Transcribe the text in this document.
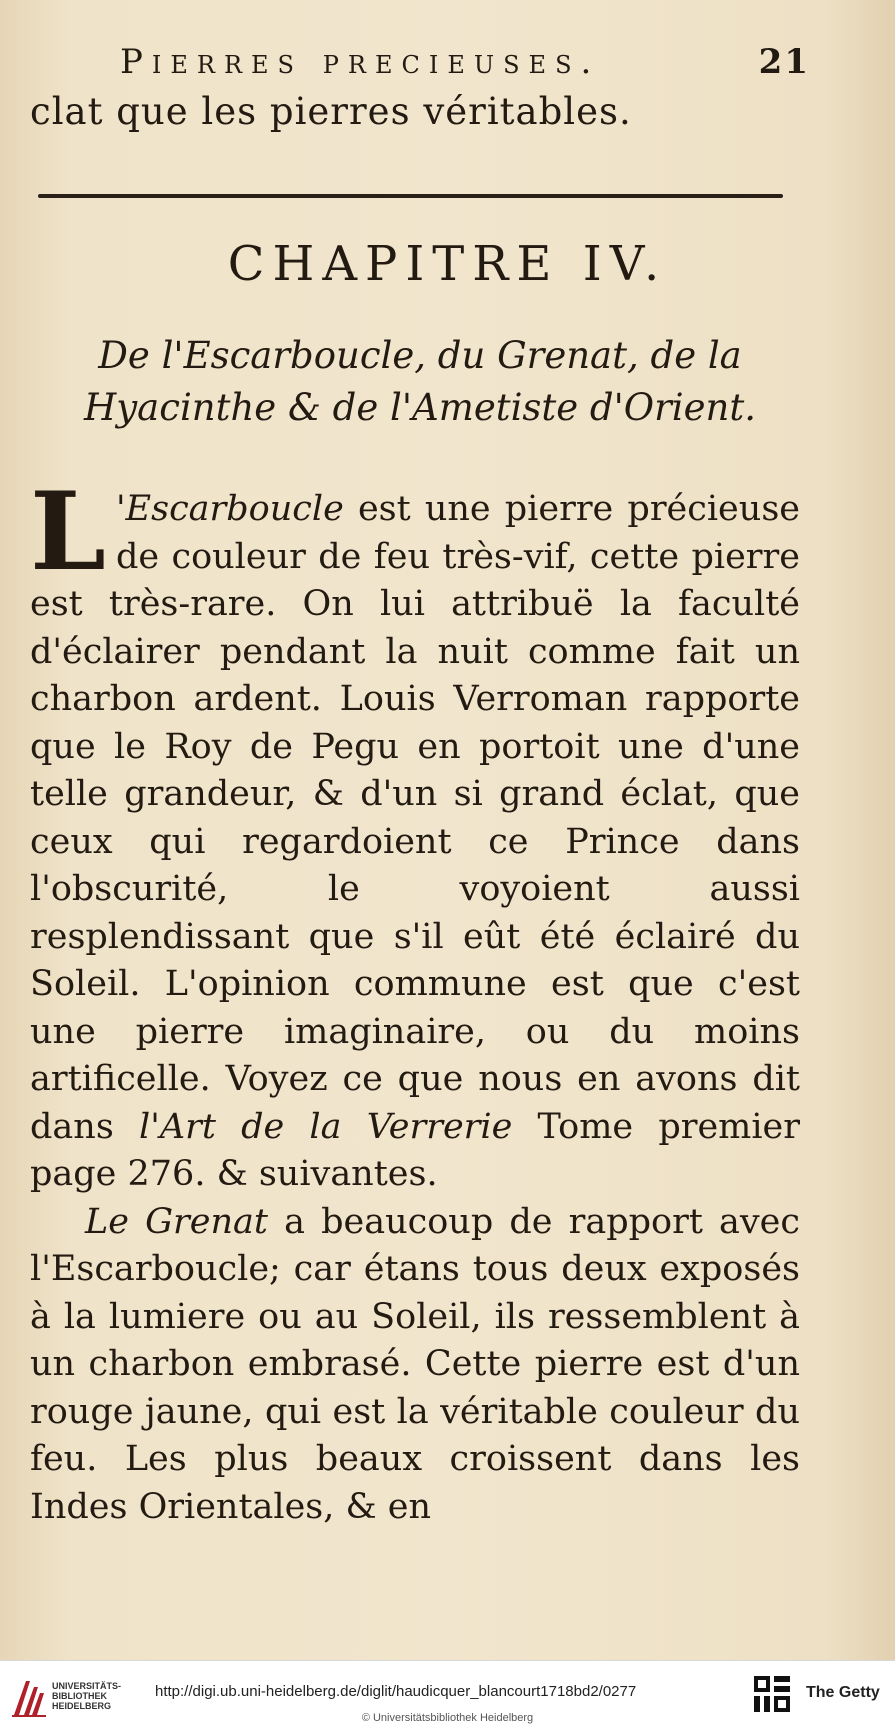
Pierres precieuses.	21
clat que les pierres véritables.
CHAPITRE IV.
De l'Escarboucle, du Grenat, de la Hyacinthe & de l'Ametiste d'Orient.

L 'Escarboucle est une pierre précieuse de couleur de feu très-vif, cette pierre est très-rare. On lui attribuë la faculté d'éclairer pendant la nuit comme fait un charbon ardent. Louis Verroman rapporte que le Roy de Pegu en portoit une d'une telle grandeur, & d'un si grand éclat, que ceux qui regardoient ce Prince dans l'obscurité, le voyoient aussi resplendissant que s'il eût été éclairé du Soleil. L'opinion commune est que c'est une pierre imaginaire, ou du moins artificelle. Voyez ce que nous en avons dit dans l'Art de la Verrerie Tome premier page 276. & suivantes.

Le Grenat a beaucoup de rapport avec l'Escarboucle; car étans tous deux exposés à la lumiere ou au Soleil, ils ressemblent à un charbon embrasé. Cette pierre est d'un rouge jaune, qui est la véritable couleur du feu. Les plus beaux croissent dans les Indes Orientales, & en

UNIVERSITÄTS-
BIBLIOTHEK
HEIDELBERG
http://digi.ub.uni-heidelberg.de/diglit/haudicquer_blancourt1718bd2/0277
© Universitätsbibliothek Heidelberg
The Getty
